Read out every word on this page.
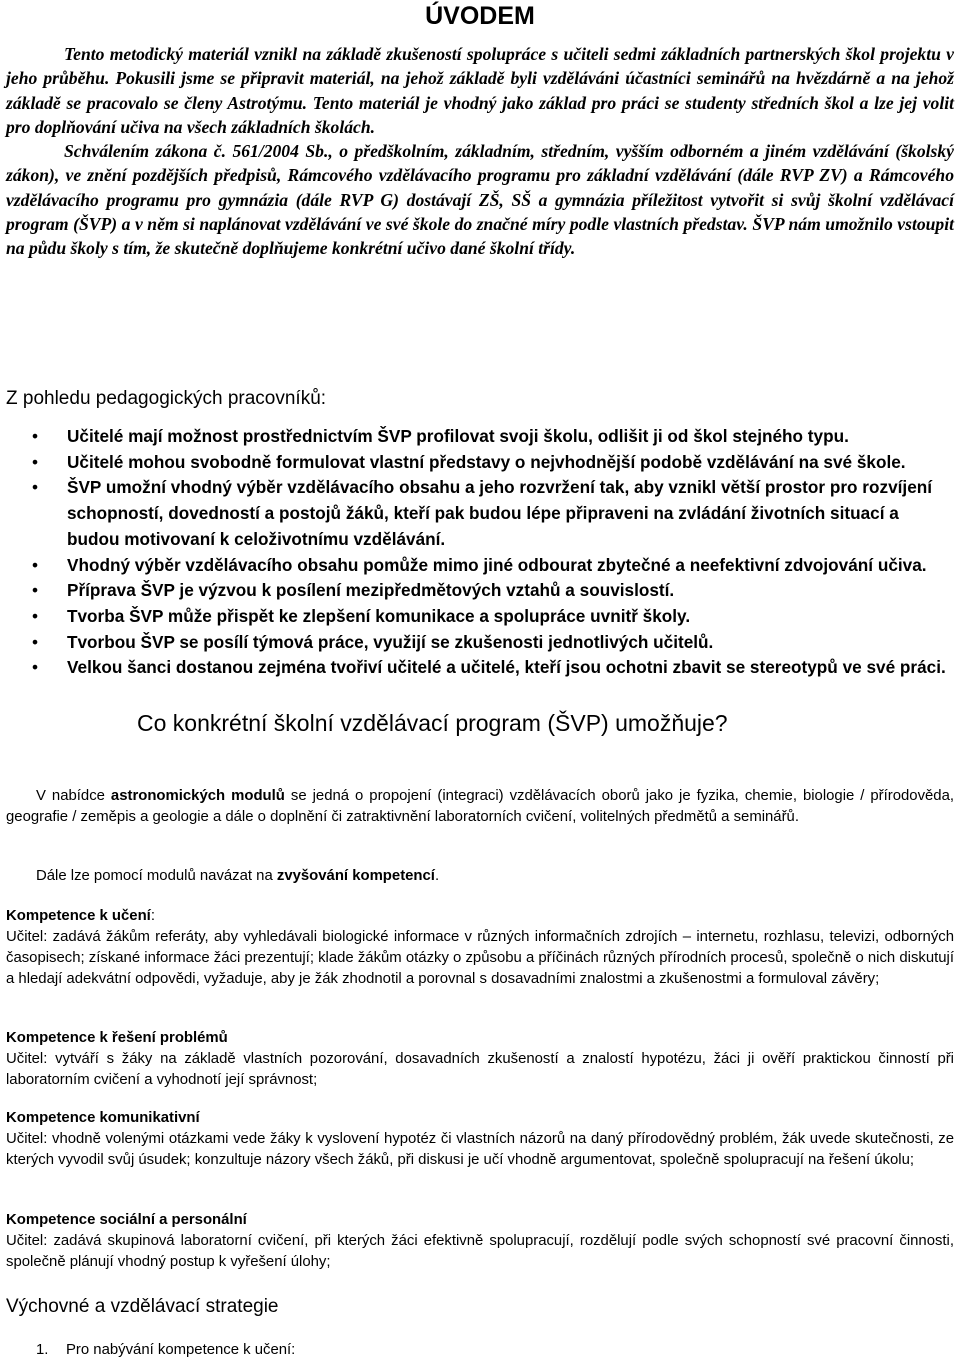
ÚVODEM

Tento metodický materiál vznikl na základě zkušeností spolupráce s učiteli sedmi základních partnerských škol projektu v jeho průběhu. Pokusili jsme se připravit materiál, na jehož základě byli vzděláváni účastníci seminářů na hvězdárně a na jehož základě se pracovalo se členy Astrotýmu. Tento materiál je vhodný jako základ pro práci se studenty středních škol a lze jej volit pro doplňování učiva na všech základních školách.

Schválením zákona č. 561/2004 Sb., o předškolním, základním, středním, vyšším odborném a jiném vzdělávání (školský zákon), ve znění pozdějších předpisů, Rámcového vzdělávacího programu pro základní vzdělávání (dále RVP ZV) a Rámcového vzdělávacího programu pro gymnázia (dále RVP G) dostávají ZŠ, SŠ a gymnázia příležitost vytvořit si svůj školní vzdělávací program (ŠVP) a v něm si naplánovat vzdělávání ve své škole do značné míry podle vlastních představ. ŠVP nám umožnilo vstoupit na půdu školy s tím, že skutečně doplňujeme konkrétní učivo dané školní třídy.

Co konkrétní školní vzdělávací program (ŠVP) umožňuje?
Z pohledu pedagogických pracovníků:
• Učitelé mají možnost prostřednictvím ŠVP profilovat svoji školu, odlišit ji od škol stejného typu.
• Učitelé mohou svobodně formulovat vlastní představy o nejvhodnější podobě vzdělávání na své škole.
• ŠVP umožní vhodný výběr vzdělávacího obsahu a jeho rozvržení tak, aby vznikl větší prostor pro rozvíjení schopností, dovedností a postojů žáků, kteří pak budou lépe připraveni na zvládání životních situací a budou motivovaní k celoživotnímu vzdělávání.
• Vhodný výběr vzdělávacího obsahu pomůže mimo jiné odbourat zbytečné a neefektivní zdvojování učiva.
• Příprava ŠVP je výzvou k posílení mezipředmětových vztahů a souvislostí.
• Tvorba ŠVP může přispět ke zlepšení komunikace a spolupráce uvnitř školy.
• Tvorbou ŠVP se posílí týmová práce, využijí se zkušenosti jednotlivých učitelů.
• Velkou šanci dostanou zejména tvořiví učitelé a učitelé, kteří jsou ochotni zbavit se stereotypů ve své práci.
V nabídce astronomických modulů se jedná o propojení (integraci) vzdělávacích oborů jako je fyzika, chemie, biologie / přírodověda, geografie / zeměpis a geologie a dále o doplnění či zatraktivnění laboratorních cvičení, volitelných předmětů a seminářů.
Dále lze pomocí modulů navázat na zvyšování kompetencí.
Kompetence k učení:
Učitel: zadává žákům referáty, aby vyhledávali biologické informace v různých informačních zdrojích – internetu, rozhlasu, televizi, odborných časopisech; získané informace žáci prezentují; klade žákům otázky o způsobu a příčinách různých přírodních procesů, společně o nich diskutují a hledají adekvátní odpovědi, vyžaduje, aby je žák zhodnotil a porovnal s dosavadními znalostmi a zkušenostmi a formuloval závěry;
Kompetence k řešení problémů
Učitel: vytváří s žáky na základě vlastních pozorování, dosavadních zkušeností a znalostí hypotézu, žáci ji ověří praktickou činností při laboratorním cvičení a vyhodnotí její správnost;
Kompetence komunikativní
Učitel: vhodně volenými otázkami vede žáky k vyslovení hypotéz či vlastních názorů na daný přírodovědný problém, žák uvede skutečnosti, ze kterých vyvodil svůj úsudek; konzultuje názory všech žáků, při diskusi je učí vhodně argumentovat, společně spolupracují na řešení úkolu;
Kompetence sociální a personální
Učitel: zadává skupinová laboratorní cvičení, při kterých žáci efektivně spolupracují, rozdělují podle svých schopností své pracovní činnosti, společně plánují vhodný postup k vyřešení úlohy;
Výchovné a vzdělávací strategie
1. Pro nabývání kompetence k učení:
